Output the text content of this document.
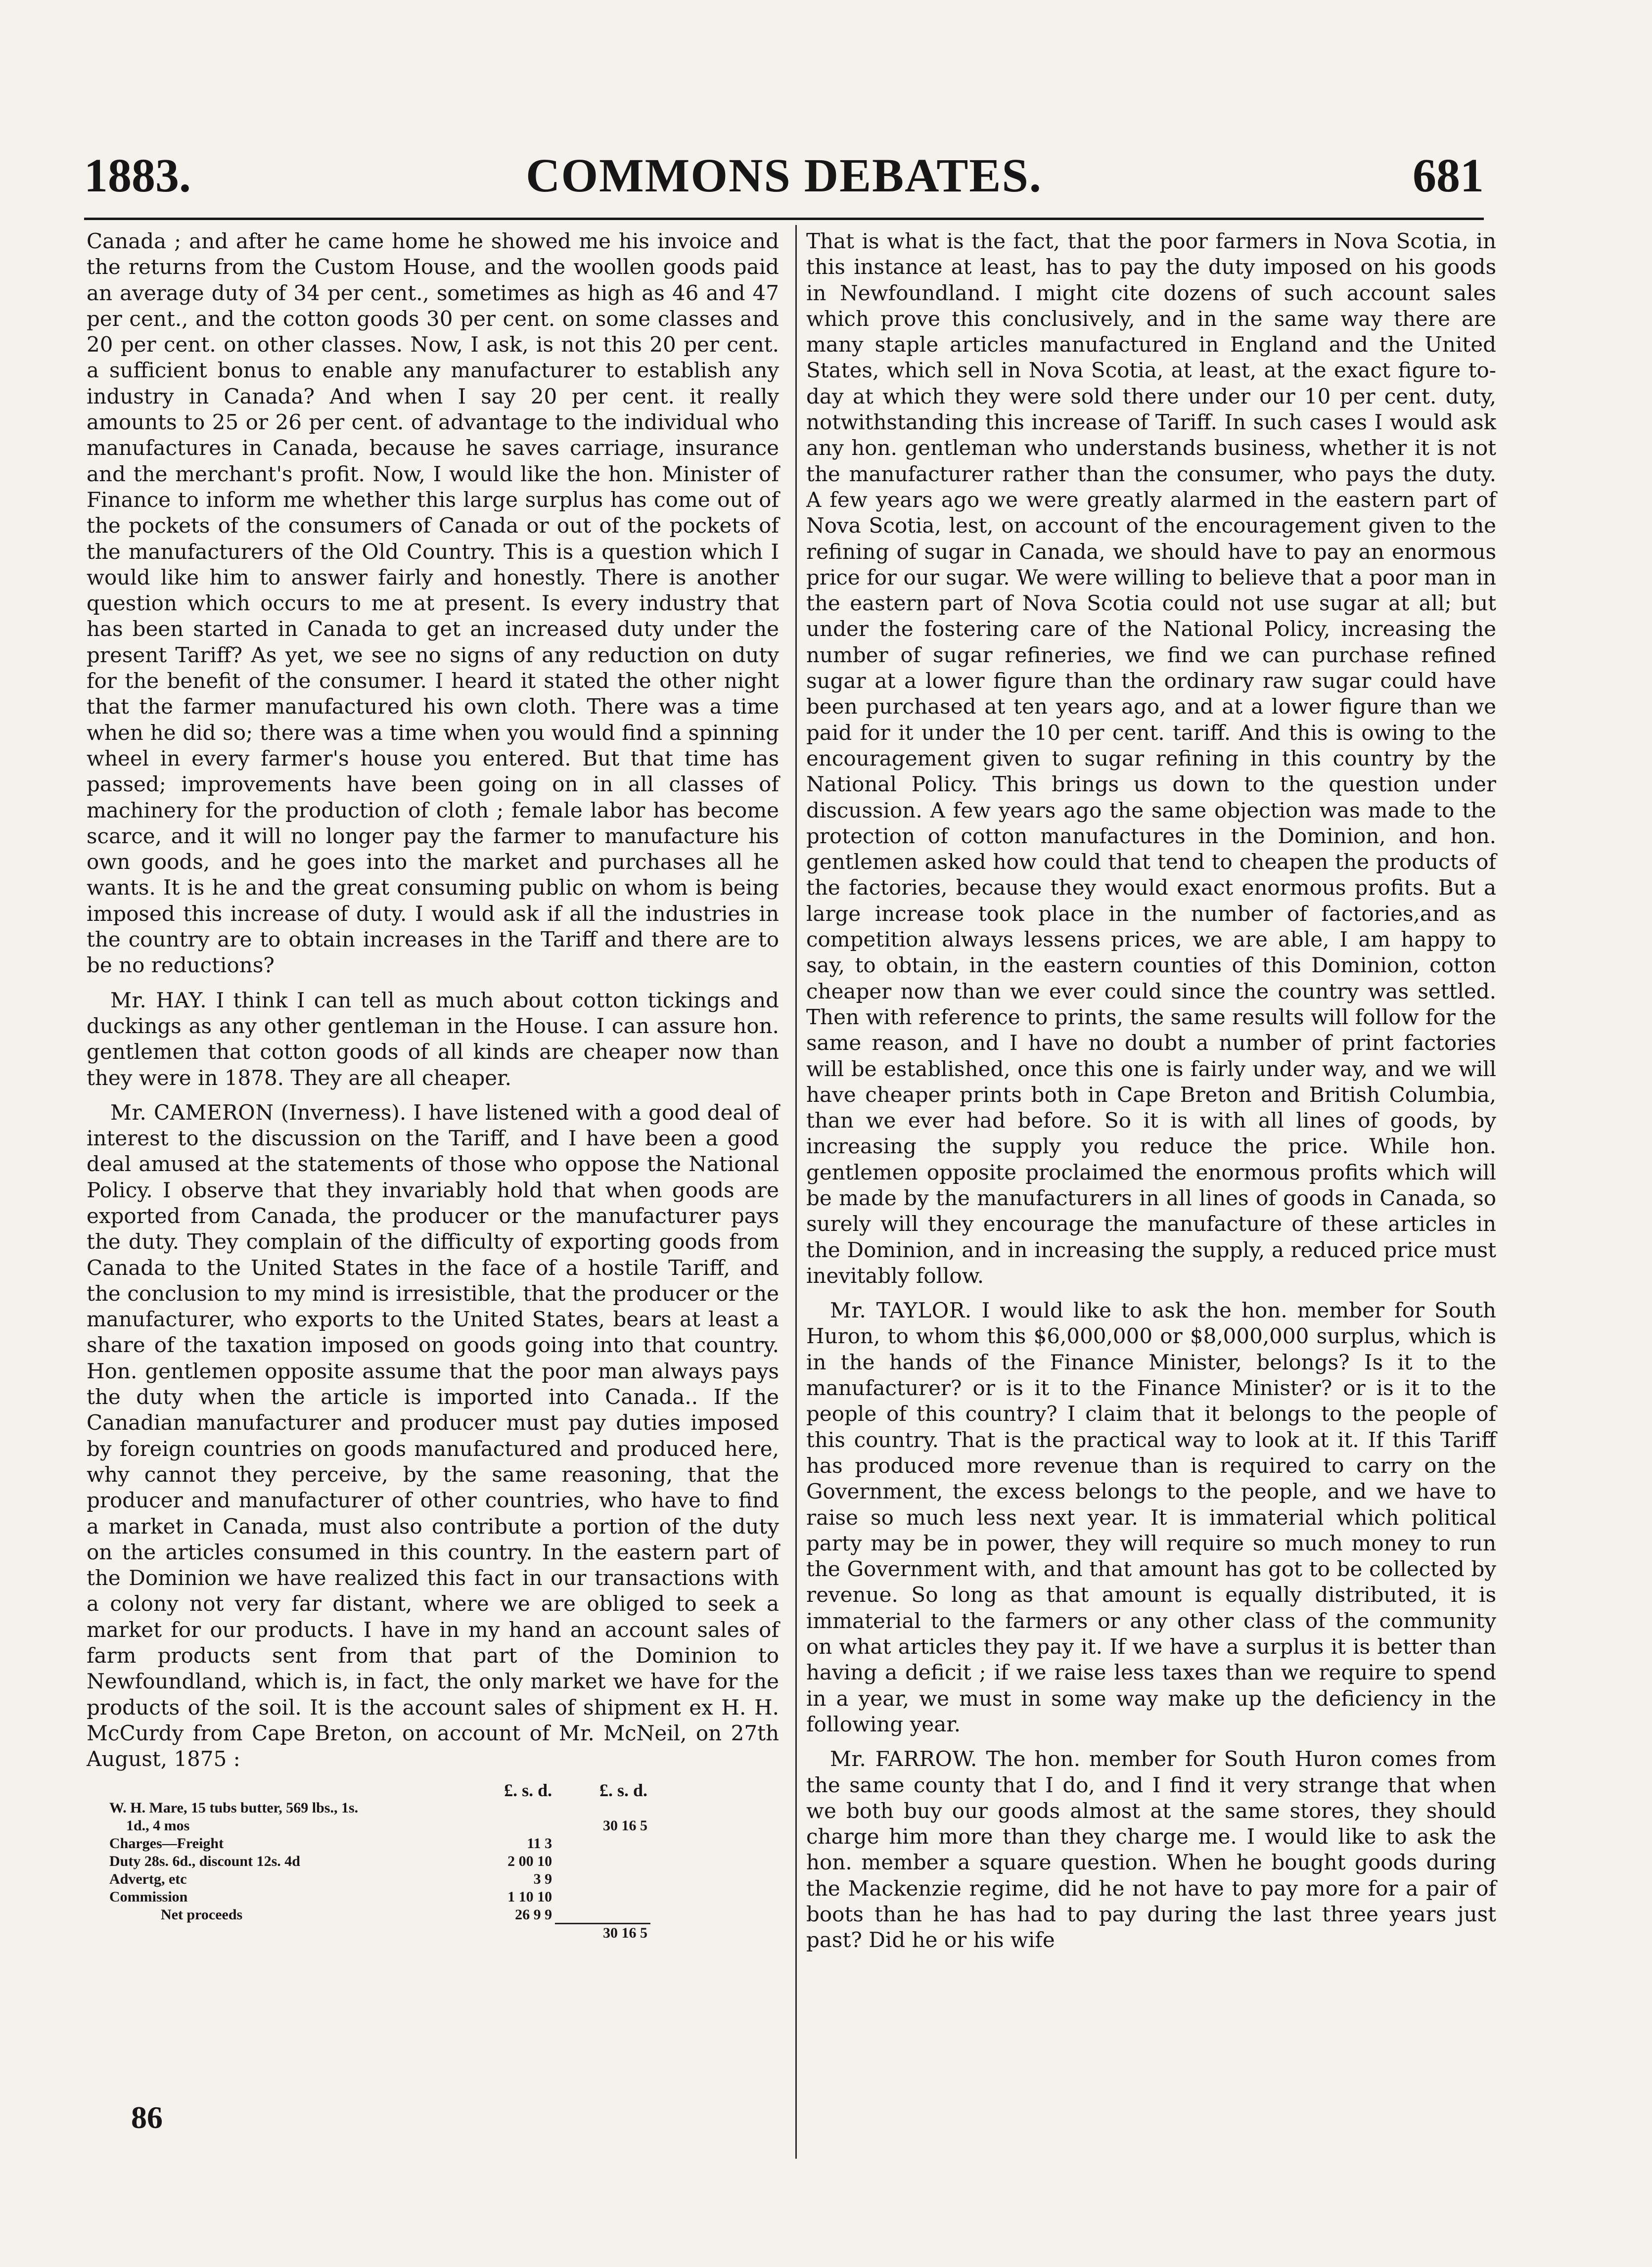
1883.	COMMONS DEBATES.	681

Canada ; and after he came home he showed me his invoice and the returns from the Custom House, and the woollen goods paid an average duty of 34 per cent., sometimes as high as 46 and 47 per cent., and the cotton goods 30 per cent. on some classes and 20 per cent. on other classes. Now, I ask, is not this 20 per cent. a sufficient bonus to enable any manufacturer to establish any industry in Canada? And when I say 20 per cent. it really amounts to 25 or 26 per cent. of advantage to the individual who manufactures in Canada, because he saves carriage, insurance and the merchant's profit. Now, I would like the hon. Minister of Finance to inform me whether this large surplus has come out of the pockets of the consumers of Canada or out of the pockets of the manufacturers of the Old Country. This is a question which I would like him to answer fairly and honestly. There is another question which occurs to me at present. Is every industry that has been started in Canada to get an increased duty under the present Tariff? As yet, we see no signs of any reduction on duty for the benefit of the consumer. I heard it stated the other night that the farmer manufactured his own cloth. There was a time when he did so; there was a time when you would find a spinning wheel in every farmer's house you entered. But that time has passed; improvements have been going on in all classes of machinery for the production of cloth ; female labor has become scarce, and it will no longer pay the farmer to manufacture his own goods, and he goes into the market and purchases all he wants. It is he and the great consuming public on whom is being imposed this increase of duty. I would ask if all the industries in the country are to obtain increases in the Tariff and there are to be no reductions?

Mr. HAY. I think I can tell as much about cotton tickings and duckings as any other gentleman in the House. I can assure hon. gentlemen that cotton goods of all kinds are cheaper now than they were in 1878. They are all cheaper.

Mr. CAMERON (Inverness). I have listened with a good deal of interest to the discussion on the Tariff, and I have been a good deal amused at the statements of those who oppose the National Policy. I observe that they invariably hold that when goods are exported from Canada, the producer or the manufacturer pays the duty. They complain of the difficulty of exporting goods from Canada to the United States in the face of a hostile Tariff, and the conclusion to my mind is irresistible, that the producer or the manufacturer, who exports to the United States, bears at least a share of the taxation imposed on goods going into that country. Hon. gentlemen opposite assume that the poor man always pays the duty when the article is imported into Canada.. If the Canadian manufacturer and producer must pay duties imposed by foreign countries on goods manufactured and produced here, why cannot they perceive, by the same reasoning, that the producer and manufacturer of other countries, who have to find a market in Canada, must also contribute a portion of the duty on the articles consumed in this country. In the eastern part of the Dominion we have realized this fact in our transactions with a colony not very far distant, where we are obliged to seek a market for our products. I have in my hand an account sales of farm products sent from that part of the Dominion to Newfoundland, which is, in fact, the only market we have for the products of the soil. It is the account sales of shipment ex H. H. McCurdy from Cape Breton, on account of Mr. McNeil, on 27th August, 1875 :

	£. s. d.	£. s. d.
W. H. Mare, 15 tubs butter, 569 lbs., 1s.		
1d., 4 mos		30 16 5
Charges—Freight	11 3	
Duty 28s. 6d., discount 12s. 4d	2 00 10	
Advertg, etc	3 9	
Commission	1 10 10	
Net proceeds	26 9 9	
		30 16 5

That is what is the fact, that the poor farmers in Nova Scotia, in this instance at least, has to pay the duty imposed on his goods in Newfoundland. I might cite dozens of such account sales which prove this conclusively, and in the same way there are many staple articles manufactured in England and the United States, which sell in Nova Scotia, at least, at the exact figure to-day at which they were sold there under our 10 per cent. duty, notwithstanding this increase of Tariff. In such cases I would ask any hon. gentleman who understands business, whether it is not the manufacturer rather than the consumer, who pays the duty. A few years ago we were greatly alarmed in the eastern part of Nova Scotia, lest, on account of the encouragement given to the refining of sugar in Canada, we should have to pay an enormous price for our sugar. We were willing to believe that a poor man in the eastern part of Nova Scotia could not use sugar at all; but under the fostering care of the National Policy, increasing the number of sugar refineries, we find we can purchase refined sugar at a lower figure than the ordinary raw sugar could have been purchased at ten years ago, and at a lower figure than we paid for it under the 10 per cent. tariff. And this is owing to the encouragement given to sugar refining in this country by the National Policy. This brings us down to the question under discussion. A few years ago the same objection was made to the protection of cotton manufactures in the Dominion, and hon. gentlemen asked how could that tend to cheapen the products of the factories, because they would exact enormous profits. But a large increase took place in the number of factories,and as competition always lessens prices, we are able, I am happy to say, to obtain, in the eastern counties of this Dominion, cotton cheaper now than we ever could since the country was settled. Then with reference to prints, the same results will follow for the same reason, and I have no doubt a number of print factories will be established, once this one is fairly under way, and we will have cheaper prints both in Cape Breton and British Columbia, than we ever had before. So it is with all lines of goods, by increasing the supply you reduce the price. While hon. gentlemen opposite proclaimed the enormous profits which will be made by the manufacturers in all lines of goods in Canada, so surely will they encourage the manufacture of these articles in the Dominion, and in increasing the supply, a reduced price must inevitably follow.

Mr. TAYLOR. I would like to ask the hon. member for South Huron, to whom this $6,000,000 or $8,000,000 surplus, which is in the hands of the Finance Minister, belongs? Is it to the manufacturer? or is it to the Finance Minister? or is it to the people of this country? I claim that it belongs to the people of this country. That is the practical way to look at it. If this Tariff has produced more revenue than is required to carry on the Government, the excess belongs to the people, and we have to raise so much less next year. It is immaterial which political party may be in power, they will require so much money to run the Government with, and that amount has got to be collected by revenue. So long as that amount is equally distributed, it is immaterial to the farmers or any other class of the community on what articles they pay it. If we have a surplus it is better than having a deficit ; if we raise less taxes than we require to spend in a year, we must in some way make up the deficiency in the following year.

Mr. FARROW. The hon. member for South Huron comes from the same county that I do, and I find it very strange that when we both buy our goods almost at the same stores, they should charge him more than they charge me. I would like to ask the hon. member a square question. When he bought goods during the Mackenzie regime, did he not have to pay more for a pair of boots than he has had to pay during the last three years just past? Did he or his wife

86
